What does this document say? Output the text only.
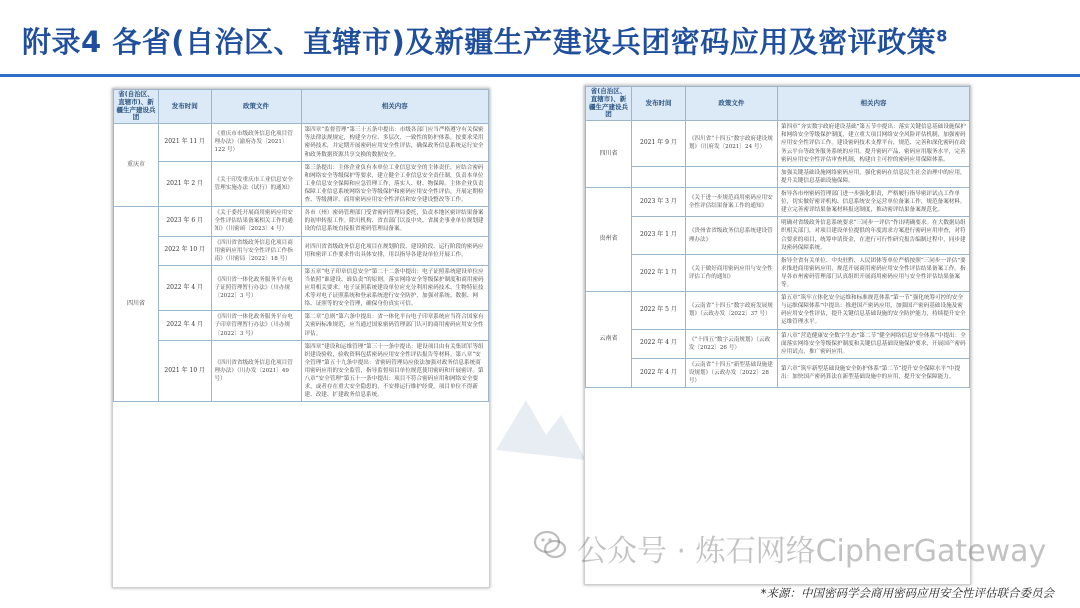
附录4 各省(自治区、直辖市)及新疆生产建设兵团密码应用及密评政策$^8$
省(自治区、直辖市)、新疆生产建设兵团	发布时间	政策文件	相关内容
重庆市	2021 年 11 月	《重庆市市级政务信息化项目管理办法》（渝府办发〔2021〕122 号）	第四章“监督管理”第三十五条中提出：市级各部门应当严格遵守有关保密等法律法规规定，构建全方位、多层次、一致性的防护体系，按要求采用密码技术，并定期开展密码应用安全性评估，确保政务信息系统运行安全和政务数据资源共享交换的数据安全。
	2021 年 2 月	《关于印发重庆市工业信息安全管理实施办法（试行）的通知》	第三条提出：主体企业负有本单位工业信息安全的主体责任，应结合密码和网络安全等级保护等要求，建立健全工业信息安全责任制，负责本单位工业信息安全保障和应急管理工作，落实人、财、物保障。主体企业负责保障工业信息系统网络安全等级保护和密码应用安全性评估，开展定期检查、等级测评、商用密码应用安全性评估和安全建设整改等工作。
四川省	2023 年 6 月	《关于委托开展商用密码应用安全性评估结果备案相关工作的通知》（川密函〔2023〕4 号）	各市（州）密码管理部门受省密码管理局委托，负责本地区密评结果备案的初审转报工作。除川机构、省直部门以及中央、省属企事业单位规划建设的信息系统直接报省密码管理局备案。
	2022 年 10 月	《四川省省级政务信息化项目商用密码应用与安全性评估工作指南》（川密局〔2022〕18 号）	对四川省省级政务信息化项目在规划阶段、建设阶段、运行阶段的密码应用和密评工作要求作出具体安排，用以指导各建设单位开展工作。
	2022 年 4 月	《四川省一体化政务服务平台电子证照管理暂行办法》（川办规〔2022〕3 号）	第五章“电子印章信息安全”第二十二条中提出：电子证照系统建设单位应当依照“谁建设、谁负责”的原则，落实网络安全等级保护制度和商用密码应用相关要求。电子证照系统建设单位应充分利用密码技术、生物特征技术等对电子证照系统和登录系统进行安全防护，加强对系统、数据、网络、证照等的安全管理，确保身份真实可信。
	2022 年 4 月	《四川省一体化政务服务平台电子印章管理暂行办法》（川办规〔2022〕3 号）	第二章“总则”第六条中提出：省一体化平台电子印章系统应当符合国家有关密码标准规范，应当通过国家密码管理部门认可的商用密码应用安全性评估。
	2021 年 10 月	《四川省省级政务信息化项目管理办法》（川办发〔2021〕49 号）	第四章“建设和运维管理”第三十一条中提出：建设项目由有关集团军等组织建设验收，验收资料包括密码应用安全性评估报告等材料。第八章“安全管理”第五十九条中提出：省密码管理局应依法加强对政务信息系统商用密码应用的安全监管，指导监督项目单位规范使用密码和开展密评。第八章“安全管理”第五十一条中提出：项目不符合密码应用和网络安全要求，或者存在重大安全隐患的，不安排运行维护经费，项目单位不得新建、改建、扩建政务信息系统。
省(自治区、直辖市)、新疆生产建设兵团	发布时间	政策文件	相关内容
四川省	2021 年 9 月	《四川省“十四五”数字政府建设规划》（川府发〔2021〕24 号）	第四章“夯实数字政府建设基础”第五节中提出：落实关键信息基础设施保护和网络安全等级保护制度，建立重大项目网络安全风险评估机制，加强密码应用安全性评估工作。建设密码技术支撑平台，规范、完善和深化密码在政务云平台等政务服务系统的应用。提升密码产品、密码应用服务水平，完善密码应用安全性评估审查机制，构建自主可控的密码应用保障体系。
			加强关键基础设施网络密码应用，强化密码在信息民生社会治理中的应用，提升关键信息基础设施保障。
贵州省	2023 年 3 月	《关于进一步规范商用密码应用安全性评估结果备案工作的通知》	指导各市州密码管理部门进一步强化职责，严格履行指导密评试点工作单位，切实做好密评机构、信息系统安全运营单位备案工作，规范备案材料。建立完善密评结果备案材料报送制度，推动密评结果备案规范化。
	2023 年 1 月	《贵州省省级政务信息系统建设管理办法》	明确对省级政务信息系统要求“三同步一评估”作出明确要求。在大数据局组织相关部门，对项目建设单位提供的年度需求方案进行密码应用审查，对符合要求的项目，统筹申请资金，在进行可行性研究报告编制过程中，同步建设密码保障系统。
	2022 年 1 月	《关于做好商用密码应用与安全性评估工作的通知》	指导全省有关单位、中央驻黔、人民团体等单位严格按照“三同步一评估”要求推进商用密码应用，规范开展商用密码应用安全性评估结果备案工作。指导各市州密码管理部门认真组织开展商用密码应用与安全性评估结果备案等。
云南省	2022 年 5 月	《云南省“十四五”数字政府发展规划》（云政办发〔2022〕37 号）	第五章“筑牢立体化安全运维和标准规范体系”第一节“强化统筹可控的安全与运维保障体系”中提出：推进国产密码应用，加强国产密码基础设施及密码应用安全性评估，提升关键信息基础设施的安全防护能力，持续提升安全运维管理水平。
	2022 年 4 月	《“十四五”数字云南规划》（云政发〔2022〕26 号）	第八章“营造健康安全数字生态”第二节“健全网络信息安全体系”中提出：全面落实网络安全等级保护制度和关键信息基础设施保护要求，开展国产密码应用试点，推广密码应用。
	2022 年 4 月	《云南省“十四五”新型基础设施建设规划》（云政办发〔2022〕28 号）	第六章“筑牢新型基础设施安全防护体系”第二节“提升安全保障水平”中提出：加快国产密码算法在新型基础设施中的应用，提升安全保障能力。
公众号 · 炼石网络CipherGateway
*来源：中国密码学会商用密码应用安全性评估联合委员会
